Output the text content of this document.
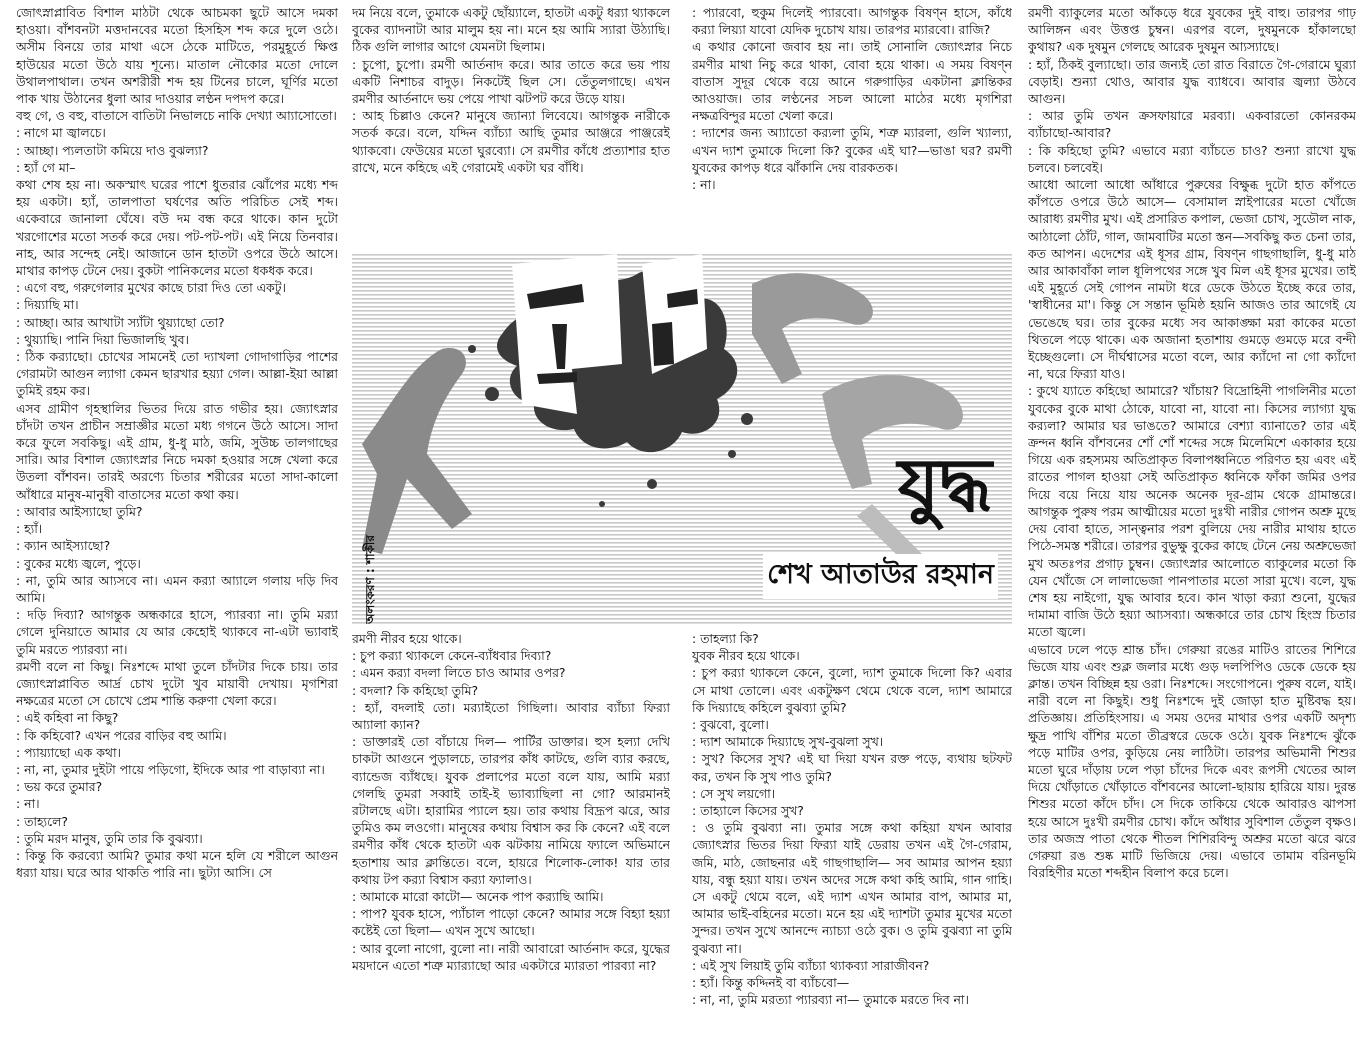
জোৎস্নাপ্লাবিত বিশাল মাঠটা থেকে আচমকা ছুটে আসে দমকা হাওয়া। বাঁশবনটা মত্তদানবের মতো হিসহিস শব্দ করে দুলে ওঠে। অসীম বিনয়ে তার মাথা এসে ঠেকে মাটিতে, পরমুহূর্তে ক্ষিপ্ত হাউয়ের মতো উঠে যায় শূন্যে। মাতাল নৌকোর মতো দোলে উথালপাথাল। তখন অশরীরী শব্দ হয় টিনের চালে, ঘূর্ণির মতো পাক খায় উঠানের ধুলা আর দাওয়ার লণ্ঠন দপদপ করে।

বহু গে, ও বহু, বাতাসে বাতিটা নিভালচে নাকি দেখ্যা আ্যাসোতো।

: নাগে মা জ্বালচে।

: আচ্ছা। প্যলতাটা কমিয়ে দাও বুঝল্যা?

: হ্যাঁ গে মা–

কথা শেষ হয় না। অকস্মাৎ ঘরের পাশে ধুতরার ঝোঁপের মধ্যে শব্দ হয় একটা। হ্যাঁ, তালপাতা ঘর্ষণের অতি পরিচিত সেই শব্দ। একেবারে জানালা ঘেঁষে। বউ দম বন্ধ করে থাকে। কান দুটো খরগোশের মতো সতর্ক করে দেয়। পট-পট-পট। এই নিয়ে তিনবার। নাহ, আর সন্দেহ নেই। আজানে ডান হাতটা ওপরে উঠে আসে। মাথার কাপড় টেনে দেয়। বুকটা পানিকলের মতো ধকধক করে।

: এগে বহু, গরুগেলার মুখের কাছে চারা দিও তো একটু।

: দিয়্যাছি মা।

: আচ্ছা। আর আখাটা স্যাঁটা থুয়্যাছো তো?

: থুয়্যাছি। পানি দিয়া ভিজালছি খুব।

: ঠিক কর‍্যাছো। চোখের সামনেই তো দ্যাখলা গোদাগাড়ির পাশের গেরামটা আগুন ল্যাগা কেমন ছারখার হয়্যা গেল। আল্লা-ইয়া আল্লা তুমিই রহম কর।

এসব গ্রামীণ গৃহস্থালির ভিতর দিয়ে রাত গভীর হয়। জ্যোৎস্নার চাঁদটা তখন প্রাচীন সম্রাজ্ঞীর মতো মধ্য গগনে উঠে আসে। সাদা করে ফুলে সবকিছু। এই গ্রাম, ধু-ধু মাঠ, জমি, সুউচ্চ তালগাছের সারি। আর বিশাল জ্যোৎস্নার নিচে দমকা হওয়ার সঙ্গে খেলা করে উতলা বাঁশবন। তারই অরণ্যে চিতার শরীরের মতো সাদা-কালো আঁধারে মানুষ-মানুষী বাতাসের মতো কথা কয়।

: আবার আইস্যাছো তুমি?

: হ্যাঁ।

: ক্যান আইস্যাছো?

: বুকের মধ্যে জ্বলে, পুড়ে।

: না, তুমি আর আ্যসবে না। এমন কর‍্যা আ্যালে গলায় দড়ি দিব আমি।

: দড়ি দিব্যা? আগন্তুক অন্ধকারে হাসে, প্যারব্যা না। তুমি মর‍্যা গেলে দুনিয়াতে আমার যে আর কেহোই থ্যাকবে না-এটা ভ্যাবাই তুমি মরতে প্যারব্যা না।

রমণী বলে না কিছু। নিঃশব্দে মাথা তুলে চাঁদটার দিকে চায়। তার জ্যোৎস্নাপ্লাবিত আর্দ্র চোখ দুটো খুব মায়াবী দেখায়। মৃগশিরা নক্ষত্রের মতো সে চোখে প্রেম শান্তি করুণা খেলা করে।

: এই কহিবা না কিছু?

: কি কহিবো? এখন পরের বাড়ির বহু আমি।

: প্যায়্যাছো এক কথা।

: না, না, তুমার দুইটা পায়ে পড়িগো, ইদিকে আর পা বাড়াব্যা না।

: ভয় করে তুমার?

: না।

: তাহ্যলে?

: তুমি মরদ মানুষ, তুমি তার কি বুঝব্যা।

: কিন্তু কি করব্যো আমি? তুমার কথা মনে হলি যে শরীলে আগুন ধর‍্যা যায়। ঘরে আর থাকতি পারি না। ছুট্যা আসি। সে

দম নিয়ে বলে, তুমাকে একটু ছোঁয়্যালে, হাতটা একটু ধর‍্যা থ্যাকলে বুকের ব্যাদনাটা আর মালুম হয় না। মনে হয় আমি স্যারা উঠ্যাছি। ঠিক গুলি লাগার আগে যেমনটা ছিলাম।

: চুপো, চুপো। রমণী আর্তনাদ করে। আর তাতে করে ভয় পায় একটি নিশাচর বাদুড়। নিকটেই ছিল সে। তেঁতুলগাছে। এখন রমণীর আর্তনাদে ভয় পেয়ে পাখা ঝটপট করে উড়ে যায়।

: আহ চিল্লাও কেনে? মানুষে জ্যান্যা লিবেযে। আগন্তুক নারীকে সতর্ক করে। বলে, যদ্দিন ব্যাঁচ্যা আছি তুমার আঞ্জরে পাঞ্জরেই থ্যাকবো। ফেউয়ের মতো ঘুরব্যো। সে রমণীর কাঁধে প্রত্যাশার হাত রাখে, মনে কহিছে এই গেরামেই একটা ঘর বাঁধি।

: প্যারবো, হুকুম দিলেই প্যারবো। আগন্তুক বিষণ্ন হাসে, কাঁধে কর‍্যা লিয়্যা যাবো যেদিক দুচোখ যায়। তারপর ম্যারবো। রাজি?

এ কথার কোনো জবাব হয় না। তাই সোনালি জ্যোৎস্নার নিচে রমণীর মাথা নিচু করে থাকা, বোবা হয়ে থাকা। এ সময় বিষণ্ন বাতাস সুদূর থেকে বয়ে আনে গরুগাড়ির একটানা ক্লান্তিকর আওয়াজ। তার লণ্ঠনের সচল আলো মাঠের মধ্যে মৃগশিরা নক্ষত্রবিন্দুর মতো খেলা করে।

: দ্যাশের জন্য আ্যাতো কর‍্যলা তুমি, শত্রু ম্যারলা, গুলি খ্যাল্যা, এখন দ্যাশ তুমাকে দিলো কি? বুকের এই ঘা?—ভাঙা ঘর? রমণী যুবকের কাপড় ধরে ঝাঁকানি দেয় বারকতক।

: না।

যুদ্ধ
শেখ আতাউর রহমান
অলংকরণ : শাকীর

রমণী নীরব হয়ে থাকে।

: চুপ কর‍্যা থ্যাকলে কেনে-ব্যাঁধবার দিব্যা?

: এমন কর‍্যা বদলা লিতে চাও আমার ওপর?

: বদলা? কি কহিছো তুমি?

: হ্যাঁ, বদলাই তো। মর‍্যাইতো গিছিলা। আবার ব্যাঁচ্যা ফির‍্যা আ্যালা ক্যান?

: ডাক্তারই তো বাঁচায়ে দিল— পার্টির ডাক্তার। হুস হল্যা দেখি চাকটা আগুনে পুড়ালচে, তারপর কাঁধ কাটছে, গুলি ব্যার করছে, ব্যান্ডেজ ব্যাঁধছে। যুবক প্রলাপের মতো বলে যায়, আমি মর‍্যা গেলছি তুমরা সব্বাই তাই-ই ভ্যাব্যাছিলা না গো? আরমানই রটালছে এটা। হারামির প্যালে হয়। তার কথায় বিদ্রূপ ঝরে, আর তুমিও কম লওগো। মানুষের কথায় বিশ্বাস কর কি কেনে? এই বলে রমণীর কাঁধ থেকে হাতটা এক ঝটকায় নামিয়ে ফ্যালে অভিমানে হতাশায় আর ক্লান্তিতে। বলে, হায়রে শিলোক-লোক! যার তার কথায় টপ কর‍্যা বিশ্বাস কর‍্যা ফ্যালাও।

: আমাকে মারো কাটো— অনেক পাপ কর‍্যাছি আমি।

: পাপ? যুবক হাসে, প্যাঁচাল পাড়ো কেনে? আমার সঙ্গে বিহ্যা হয়্যা কষ্টেই তো ছিলা— এখন সুখে আছো।

: আর বুলো নাগো, বুলো না। নারী আবারো আর্তনাদ করে, যুদ্ধের ময়দানে এতো শত্রু ম্যার‍্যাছো আর একটারে ম্যারতা পারব্যা না?

: তাহল্যা কি?

যুবক নীরব হয়ে থাকে।

: চুপ কর‍্যা থ্যাকলে কেনে, বুলো, দ্যাশ তুমাকে দিলো কি? এবার সে মাথা তোলে। এবং একটুক্ষণ থেমে থেকে বলে, দ্যাশ আমারে কি দিয়্যাছে কহিলে বুঝব্যা তুমি?

: বুঝবো, বুলো।

: দ্যাশ আমাকে দিয়্যাছে সুখ-বুঝলা সুখ।

: সুখ? কিসের সুখ? এই ঘা দিয়া যখন রক্ত পড়ে, ব্যথায় ছটফট কর, তখন কি সুখ পাও তুমি?

: সে সুখ লয়গো।

: তাহ্যালে কিসের সুখ?

: ও তুমি বুঝব্যা না। তুমার সঙ্গে কথা কহিয়া যখন আবার জ্যোৎস্নার ভিতর দিয়া ফির‍্যা যাই ডেরায় তখন এই গৈ-গেরাম, জমি, মাঠ, জোছনার এই গাছগাছালি— সব আমার আপন হয়্যা যায়, বন্ধু হয়্যা যায়। তখন অদের সঙ্গে কথা কহি আমি, গান গাহি। সে একটু থেমে বলে, এই দ্যাশ এখন আমার বাপ, আমার মা, আমার ভাই-বহিনের মতো। মনে হয় এই দ্যাশটা তুমার মুখের মতো সুন্দর। তখন সুখে আনন্দে ন্যাচ্যা ওঠে বুক। ও তুমি বুঝব্যা না তুমি বুঝব্যা না।

: এই সুখ লিয়াই তুমি ব্যাঁচ্যা থ্যাকব্যা সারাজীবন?

: হ্যাঁ। কিন্তু কদ্দিনই বা ব্যাঁচবো—

: না, না, তুমি মরত্যা প্যারব্যা না— তুমাকে মরতে দিব না।

রমণী ব্যাকুলের মতো আঁকড়ে ধরে যুবকের দুই বাহু। তারপর গাঢ় আলিঙ্গন এবং উত্তপ্ত চুম্বন। এরপর বলে, দুষমুনকে হাঁকালছো কুথায়? এক দুষমুন গেলছে আরেক দুষমুন আ্যস্যাছে।

: হ্যাঁ, ঠিকই বুল্যাছো। তার জন্যই তো রাত বিরাতে গৈ-গেরামে ঘুর‍্যা বেড়াই। শুন্যা থোও, আবার যুদ্ধ ব্যাধবে। আবার জ্বল্যা উঠবে আগুন।

: আর তুমি তখন ক্রসফায়ারে মরব্যা। একবারতো কোনরকম ব্যাঁচাছো-আবার?

: কি কহিছো তুমি? এভাবে মর‍্যা ব্যাঁচতে চাও? শুন্যা রাখো যুদ্ধ চলবে। চলবেই।

আধো আলো আধো আঁধারে পুরুষের বিক্ষুব্ধ দুটো হাত কাঁপতে কাঁপতে ওপরে উঠে আসে— বেসামাল স্নাইপারের মতো খোঁজে আরাধ্য রমণীর মুখ। এই প্রসারিত কপাল, ভেজা চোখ, সুডৌল নাক, আঠালো ঠোঁট, গাল, জামবাটির মতো স্তন—সবকিছু কত চেনা তার, কত আপন। এদেশের এই ধূসর গ্রাম, বিষণ্ন গাছগাছালি, ধু-ধু মাঠ আর আকাবাঁকা লাল ধূলিপথের সঙ্গে খুব মিল এই ধূসর মুখের। তাই এই মুহূর্তে সেই গোপন নামটা ধরে ডেকে উঠতে ইচ্ছে করে তার, 'স্বাধীনের মা'। কিন্তু সে সন্তান ভূমিষ্ঠ হয়নি আজও তার আগেই যে ভেঙেছে ঘর। তার বুকের মধ্যে সব আকাঙ্ক্ষা মরা কাকের মতো থিতলে পড়ে থাকে। এক অজানা হতাশায় গুমড়ে গুমড়ে মরে বন্দী ইচ্ছেগুলো। সে দীর্ঘশ্বাসের মতো বলে, আর ক্যাঁদো না গো ক্যাঁদো না, ঘরে ফির‍্যা যাও।

: কুথে য্যাতে কহিছো আমারে? খাঁচায়? বিদ্রোহিনী পাগলিনীর মতো যুবকের বুকে মাথা ঠোকে, যাবো না, যাবো না। কিসের ল্যাগ্যা যুদ্ধ কর‍্যলা? আমার ঘর ভাঙতে? আমারে বেশ্যা ব্যানাতে? তার এই ক্রন্দন ধ্বনি বাঁশবনের শোঁ শোঁ শব্দের সঙ্গে মিলেমিশে একাকার হয়ে গিয়ে এক রহস্যময় অতিপ্রাকৃত বিলাপধ্বনিতে পরিণত হয় এবং এই রাতের পাগল হাওয়া সেই অতিপ্রাকৃত ধ্বনিকে ফাঁকা জমির ওপর দিয়ে বয়ে নিয়ে যায় অনেক অনেক দূর-গ্রাম থেকে গ্রামান্তরে। আগন্তুক পুরুষ পরম আত্মীয়ের মতো দুঃখী নারীর গোপন অশ্রু মুছে দেয় বোবা হাতে, সান্ত্বনার পরশ বুলিয়ে দেয় নারীর মাথায় হাতে পিঠে-সমস্ত শরীরে। তারপর বুভুক্ষু বুকের কাছে টেনে নেয় অশ্রুভেজা মুখ অতঃপর প্রগাঢ় চুম্বন। জ্যোৎস্নার আলোতে ব্যাকুলের মতো কি যেন খোঁজে সে লালাভেজা পানপাতার মতো সারা মুখে। বলে, যুদ্ধ শেষ হয় নাইগো, যুদ্ধ আবার হবে। কান খাড়া কর‍্যা শুনো, যুদ্ধের দামামা বাজি উঠে হয়্যা আ্যসব্যা। অন্ধকারে তার চোখ হিংস্র চিতার মতো জ্বলে।

এভাবে ঢলে পড়ে শ্রান্ত চাঁদ। গেরুয়া রঙের মাটিও রাতের শিশিরে ভিজে যায় এবং শুক্ল জলার মধ্যে গুড় দলপিপিও ডেকে ডেকে হয় ক্লান্ত। তখন বিচ্ছিন্ন হয় ওরা। নিঃশব্দে। সংগোপনে। পুরুষ বলে, যাই। নারী বলে না কিছুই। শুধু নিঃশব্দে দুই জোড়া হাত মুষ্টিবদ্ধ হয়। প্রতিজ্ঞায়। প্রতিহিংসায়। এ সময় ওদের মাথার ওপর একটি অদৃশ্য ক্ষুদ্র পাখি বাঁশির মতো তীব্রস্বরে ডেকে ওঠে। যুবক নিঃশব্দে ঝুঁকে পড়ে মাটির ওপর, কুড়িয়ে নেয় লাঠিটা। তারপর অভিমানী শিশুর মতো ঘুরে দাঁড়ায় ঢলে পড়া চাঁদের দিকে এবং রূপসী খেতের আল দিয়ে খোঁড়াতে খোঁড়াতে বাঁশবনের আলো-ছায়ায় হারিয়ে যায়। দুরন্ত শিশুর মতো কাঁদে চাঁদ। সে দিকে তাকিয়ে থেকে আবারও ঝাপসা হয়ে আসে দুঃখী রমণীর চোখ। কাঁদে আঁধার সুবিশাল তেঁতুল বৃক্ষও। তার অজস্র পাতা থেকে শীতল শিশিরবিন্দু অশ্রুর মতো ঝরে ঝরে গেরুয়া রঙ শুষ্ক মাটি ভিজিয়ে দেয়। এভাবে তামাম বরিনভূমি বিরহিণীর মতো শব্দহীন বিলাপ করে চলে।
